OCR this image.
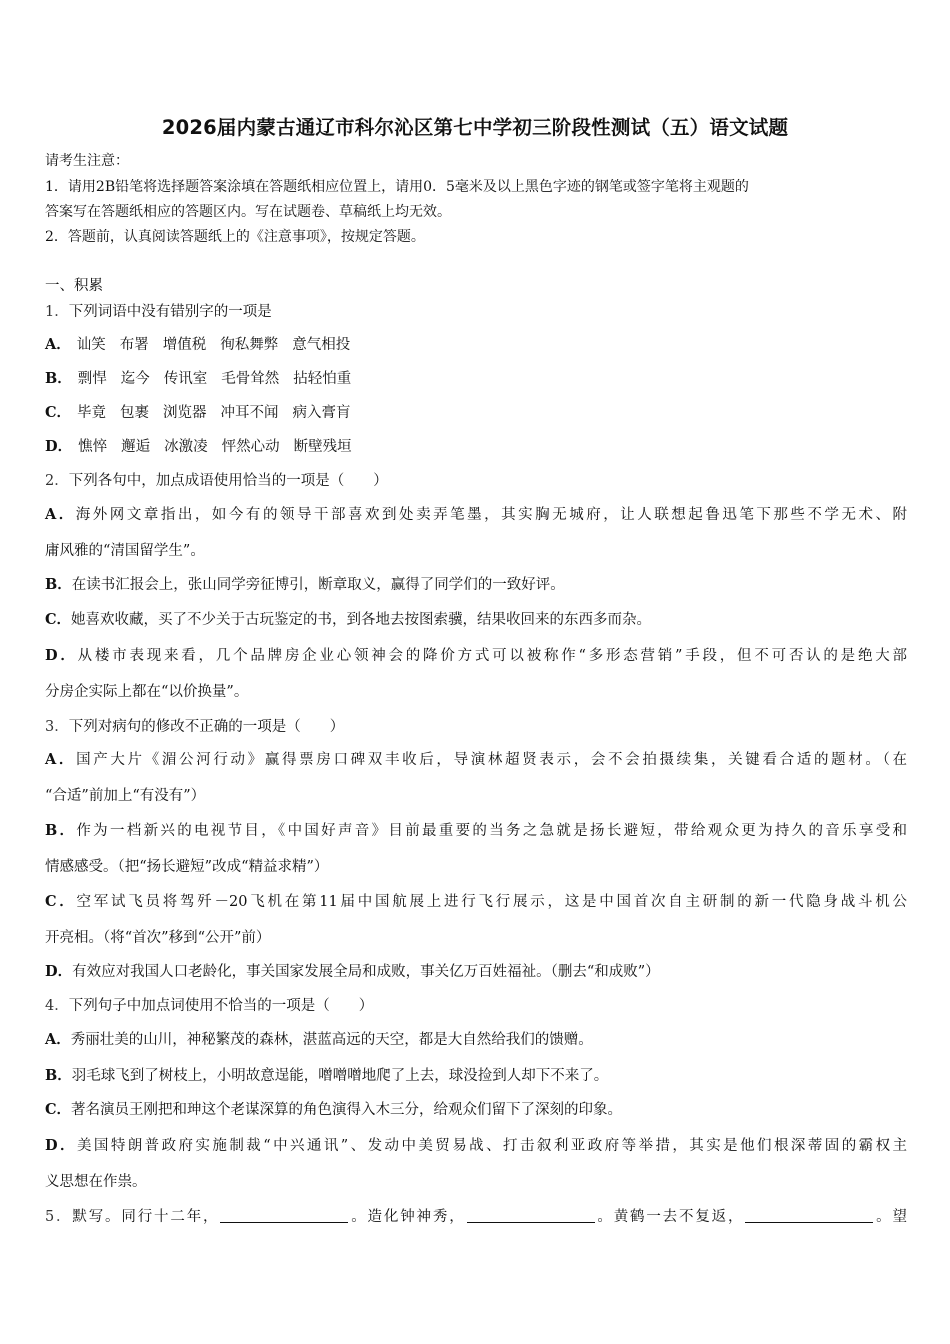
2026届内蒙古通辽市科尔沁区第七中学初三阶段性测试（五）语文试题
请考生注意：
1．请用2B铅笔将选择题答案涂填在答题纸相应位置上，请用0．5毫米及以上黑色字迹的钢笔或签字笔将主观题的
答案写在答题纸相应的答题区内。写在试题卷、草稿纸上均无效。
2．答题前，认真阅读答题纸上的《注意事项》，按规定答题。
一、积累
1．下列词语中没有错别字的一项是
A． 讪笑 布署 增值税 徇私舞弊 意气相投
B． 剽悍 迄今 传讯室 毛骨耸然 拈轻怕重
C． 毕竟 包裹 浏览器 冲耳不闻 病入膏肓
D． 憔悴 邂逅 冰激凌 怦然心动 断壁残垣
2．下列各句中，加点成语使用恰当的一项是（　　）
A．海外网文章指出，如今有的领导干部喜欢到处卖弄笔墨，其实胸无城府，让人联想起鲁迅笔下那些不学无术、附
庸风雅的“清国留学生”。
B．在读书汇报会上，张山同学旁征博引，断章取义，赢得了同学们的一致好评。
C．她喜欢收藏，买了不少关于古玩鉴定的书，到各地去按图索骥，结果收回来的东西多而杂。
D．从楼市表现来看，几个品牌房企业心领神会的降价方式可以被称作“多形态营销”手段，但不可否认的是绝大部
分房企实际上都在“以价换量”。
3．下列对病句的修改不正确的一项是（　　）
A．国产大片《湄公河行动》赢得票房口碑双丰收后，导演林超贤表示，会不会拍摄续集，关键看合适的题材。（在
“合适”前加上“有没有”）
B．作为一档新兴的电视节目，《中国好声音》目前最重要的当务之急就是扬长避短，带给观众更为持久的音乐享受和
情感感受。（把“扬长避短”改成“精益求精”）
C．空军试飞员将驾歼－20飞机在第11届中国航展上进行飞行展示，这是中国首次自主研制的新一代隐身战斗机公
开亮相。（将“首次”移到“公开”前）
D．有效应对我国人口老龄化，事关国家发展全局和成败，事关亿万百姓福祉。（删去“和成败”）
4．下列句子中加点词使用不恰当的一项是（　　）
A．秀丽壮美的山川，神秘繁茂的森林，湛蓝高远的天空，都是大自然给我们的馈赠。
B．羽毛球飞到了树枝上，小明故意逞能，噌噌噌地爬了上去，球没捡到人却下不来了。
C．著名演员王刚把和珅这个老谋深算的角色演得入木三分，给观众们留下了深刻的印象。
D．美国特朗普政府实施制裁“中兴通讯”、发动中美贸易战、打击叙利亚政府等举措，其实是他们根深蒂固的霸权主
义思想在作祟。
5．默写。同行十二年，	。造化钟神秀，	。黄鹤一去不复返，	。望
